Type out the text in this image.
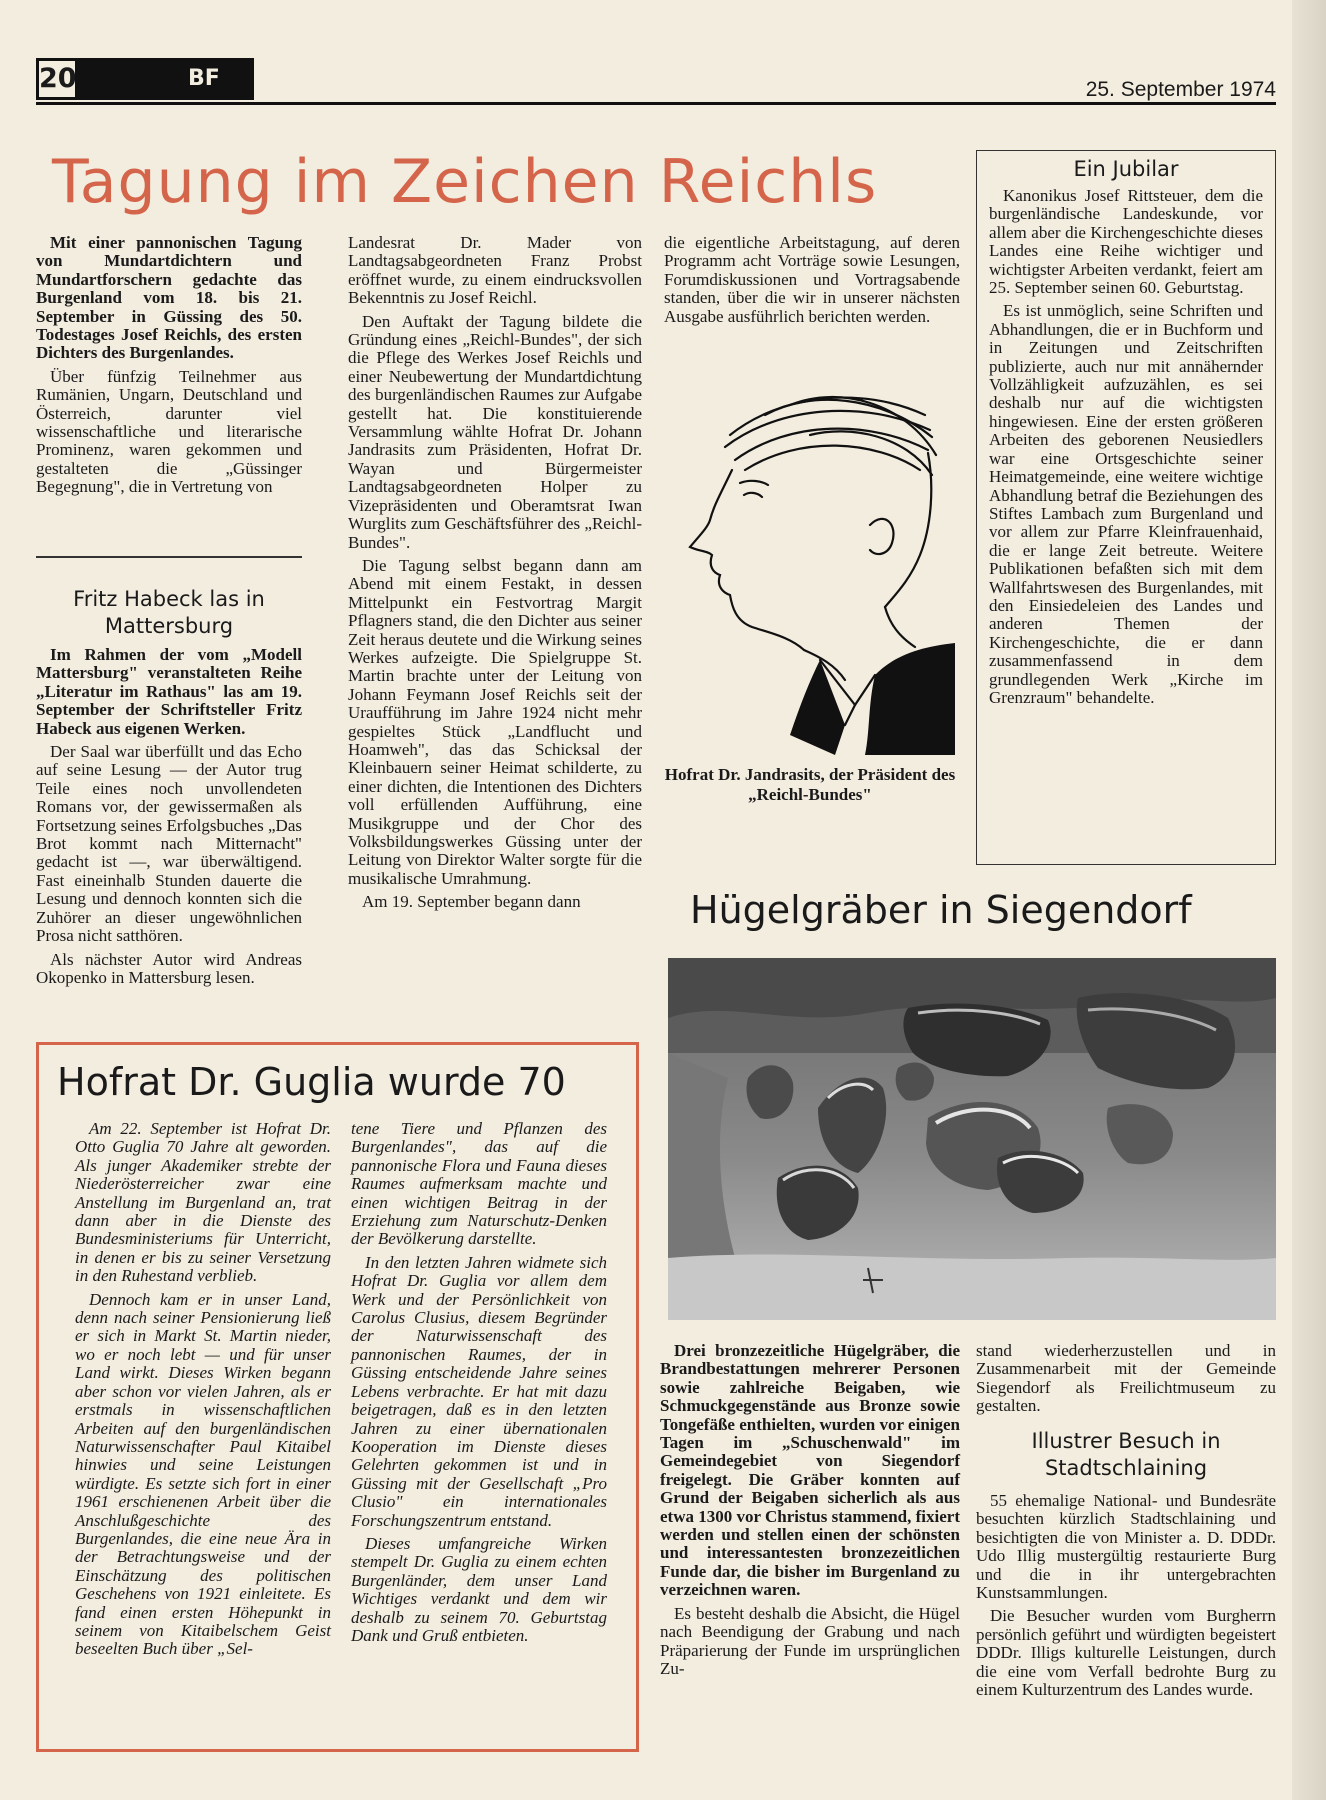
20	BF	25. September 1974
Tagung im Zeichen Reichls

Mit einer pannonischen Tagung von Mundartdichtern und Mundartforschern gedachte das Burgenland vom 18. bis 21. September in Güssing des 50. Todestages Josef Reichls, des ersten Dichters des Burgenlandes.

Über fünfzig Teilnehmer aus Rumänien, Ungarn, Deutschland und Österreich, darunter viel wissenschaftliche und literarische Prominenz, waren gekommen und gestalteten die „Güssinger Begegnung", die in Vertretung von

Landesrat Dr. Mader von Landtagsabgeordneten Franz Probst eröffnet wurde, zu einem eindrucksvollen Bekenntnis zu Josef Reichl.

Den Auftakt der Tagung bildete die Gründung eines „Reichl-Bundes", der sich die Pflege des Werkes Josef Reichls und einer Neubewertung der Mundartdichtung des burgenländischen Raumes zur Aufgabe gestellt hat. Die konstituierende Versammlung wählte Hofrat Dr. Johann Jandrasits zum Präsidenten, Hofrat Dr. Wayan und Bürgermeister Landtagsabgeordneten Holper zu Vizepräsidenten und Oberamtsrat Iwan Wurglits zum Geschäftsführer des „Reichl-Bundes".

Die Tagung selbst begann dann am Abend mit einem Festakt, in dessen Mittelpunkt ein Festvortrag Margit Pflagners stand, die den Dichter aus seiner Zeit heraus deutete und die Wirkung seines Werkes aufzeigte. Die Spielgruppe St. Martin brachte unter der Leitung von Johann Feymann Josef Reichls seit der Uraufführung im Jahre 1924 nicht mehr gespieltes Stück „Landflucht und Hoamweh", das das Schicksal der Kleinbauern seiner Heimat schilderte, zu einer dichten, die Intentionen des Dichters voll erfüllenden Aufführung, eine Musikgruppe und der Chor des Volksbildungswerkes Güssing unter der Leitung von Direktor Walter sorgte für die musikalische Umrahmung.

Am 19. September begann dann

die eigentliche Arbeitstagung, auf deren Programm acht Vorträge sowie Lesungen, Forumdiskussionen und Vortragsabende standen, über die wir in unserer nächsten Ausgabe ausführlich berichten werden.

Hofrat Dr. Jandrasits, der Präsident des „Reichl-Bundes"

Fritz Habeck las in Mattersburg

Im Rahmen der vom „Modell Mattersburg" veranstalteten Reihe „Literatur im Rathaus" las am 19. September der Schriftsteller Fritz Habeck aus eigenen Werken.

Der Saal war überfüllt und das Echo auf seine Lesung — der Autor trug Teile eines noch unvollendeten Romans vor, der gewissermaßen als Fortsetzung seines Erfolgsbuches „Das Brot kommt nach Mitternacht" gedacht ist —, war überwältigend. Fast eineinhalb Stunden dauerte die Lesung und dennoch konnten sich die Zuhörer an dieser ungewöhnlichen Prosa nicht satthören.

Als nächster Autor wird Andreas Okopenko in Mattersburg lesen.

Ein Jubilar

Kanonikus Josef Rittsteuer, dem die burgenländische Landeskunde, vor allem aber die Kirchengeschichte dieses Landes eine Reihe wichtiger und wichtigster Arbeiten verdankt, feiert am 25. September seinen 60. Geburtstag.

Es ist unmöglich, seine Schriften und Abhandlungen, die er in Buchform und in Zeitungen und Zeitschriften publizierte, auch nur mit annähernder Vollzähligkeit aufzuzählen, es sei deshalb nur auf die wichtigsten hingewiesen. Eine der ersten größeren Arbeiten des geborenen Neusiedlers war eine Ortsgeschichte seiner Heimatgemeinde, eine weitere wichtige Abhandlung betraf die Beziehungen des Stiftes Lambach zum Burgenland und vor allem zur Pfarre Kleinfrauenhaid, die er lange Zeit betreute. Weitere Publikationen befaßten sich mit dem Wallfahrtswesen des Burgenlandes, mit den Einsiedeleien des Landes und anderen Themen der Kirchengeschichte, die er dann zusammenfassend in dem grundlegenden Werk „Kirche im Grenzraum" behandelte.

Hügelgräber in Siegendorf

Drei bronzezeitliche Hügelgräber, die Brandbestattungen mehrerer Personen sowie zahlreiche Beigaben, wie Schmuckgegenstände aus Bronze sowie Tongefäße enthielten, wurden vor einigen Tagen im „Schuschenwald" im Gemeindegebiet von Siegendorf freigelegt. Die Gräber konnten auf Grund der Beigaben sicherlich als aus etwa 1300 vor Christus stammend, fixiert werden und stellen einen der schönsten und interessantesten bronzezeitlichen Funde dar, die bisher im Burgenland zu verzeichnen waren.

Es besteht deshalb die Absicht, die Hügel nach Beendigung der Grabung und nach Präparierung der Funde im ursprünglichen Zu-

stand wiederherzustellen und in Zusammenarbeit mit der Gemeinde Siegendorf als Freilichtmuseum zu gestalten.

Illustrer Besuch in Stadtschlaining

55 ehemalige National- und Bundesräte besuchten kürzlich Stadtschlaining und besichtigten die von Minister a. D. DDDr. Udo Illig mustergültig restaurierte Burg und die in ihr untergebrachten Kunstsammlungen.

Die Besucher wurden vom Burgherrn persönlich geführt und würdigten begeistert DDDr. Illigs kulturelle Leistungen, durch die eine vom Verfall bedrohte Burg zu einem Kulturzentrum des Landes wurde.

Hofrat Dr. Guglia wurde 70

Am 22. September ist Hofrat Dr. Otto Guglia 70 Jahre alt geworden. Als junger Akademiker strebte der Niederösterreicher zwar eine Anstellung im Burgenland an, trat dann aber in die Dienste des Bundesministeriums für Unterricht, in denen er bis zu seiner Versetzung in den Ruhestand verblieb.

Dennoch kam er in unser Land, denn nach seiner Pensionierung ließ er sich in Markt St. Martin nieder, wo er noch lebt — und für unser Land wirkt. Dieses Wirken begann aber schon vor vielen Jahren, als er erstmals in wissenschaftlichen Arbeiten auf den burgenländischen Naturwissenschafter Paul Kitaibel hinwies und seine Leistungen würdigte. Es setzte sich fort in einer 1961 erschienenen Arbeit über die Anschlußgeschichte des Burgenlandes, die eine neue Ära in der Betrachtungsweise und der Einschätzung des politischen Geschehens von 1921 einleitete. Es fand einen ersten Höhepunkt in seinem von Kitaibelschem Geist beseelten Buch über „Sel-

tene Tiere und Pflanzen des Burgenlandes", das auf die pannonische Flora und Fauna dieses Raumes aufmerksam machte und einen wichtigen Beitrag in der Erziehung zum Naturschutz-Denken der Bevölkerung darstellte.

In den letzten Jahren widmete sich Hofrat Dr. Guglia vor allem dem Werk und der Persönlichkeit von Carolus Clusius, diesem Begründer der Naturwissenschaft des pannonischen Raumes, der in Güssing entscheidende Jahre seines Lebens verbrachte. Er hat mit dazu beigetragen, daß es in den letzten Jahren zu einer übernationalen Kooperation im Dienste dieses Gelehrten gekommen ist und in Güssing mit der Gesellschaft „Pro Clusio" ein internationales Forschungszentrum entstand.

Dieses umfangreiche Wirken stempelt Dr. Guglia zu einem echten Burgenländer, dem unser Land Wichtiges verdankt und dem wir deshalb zu seinem 70. Geburtstag Dank und Gruß entbieten.
